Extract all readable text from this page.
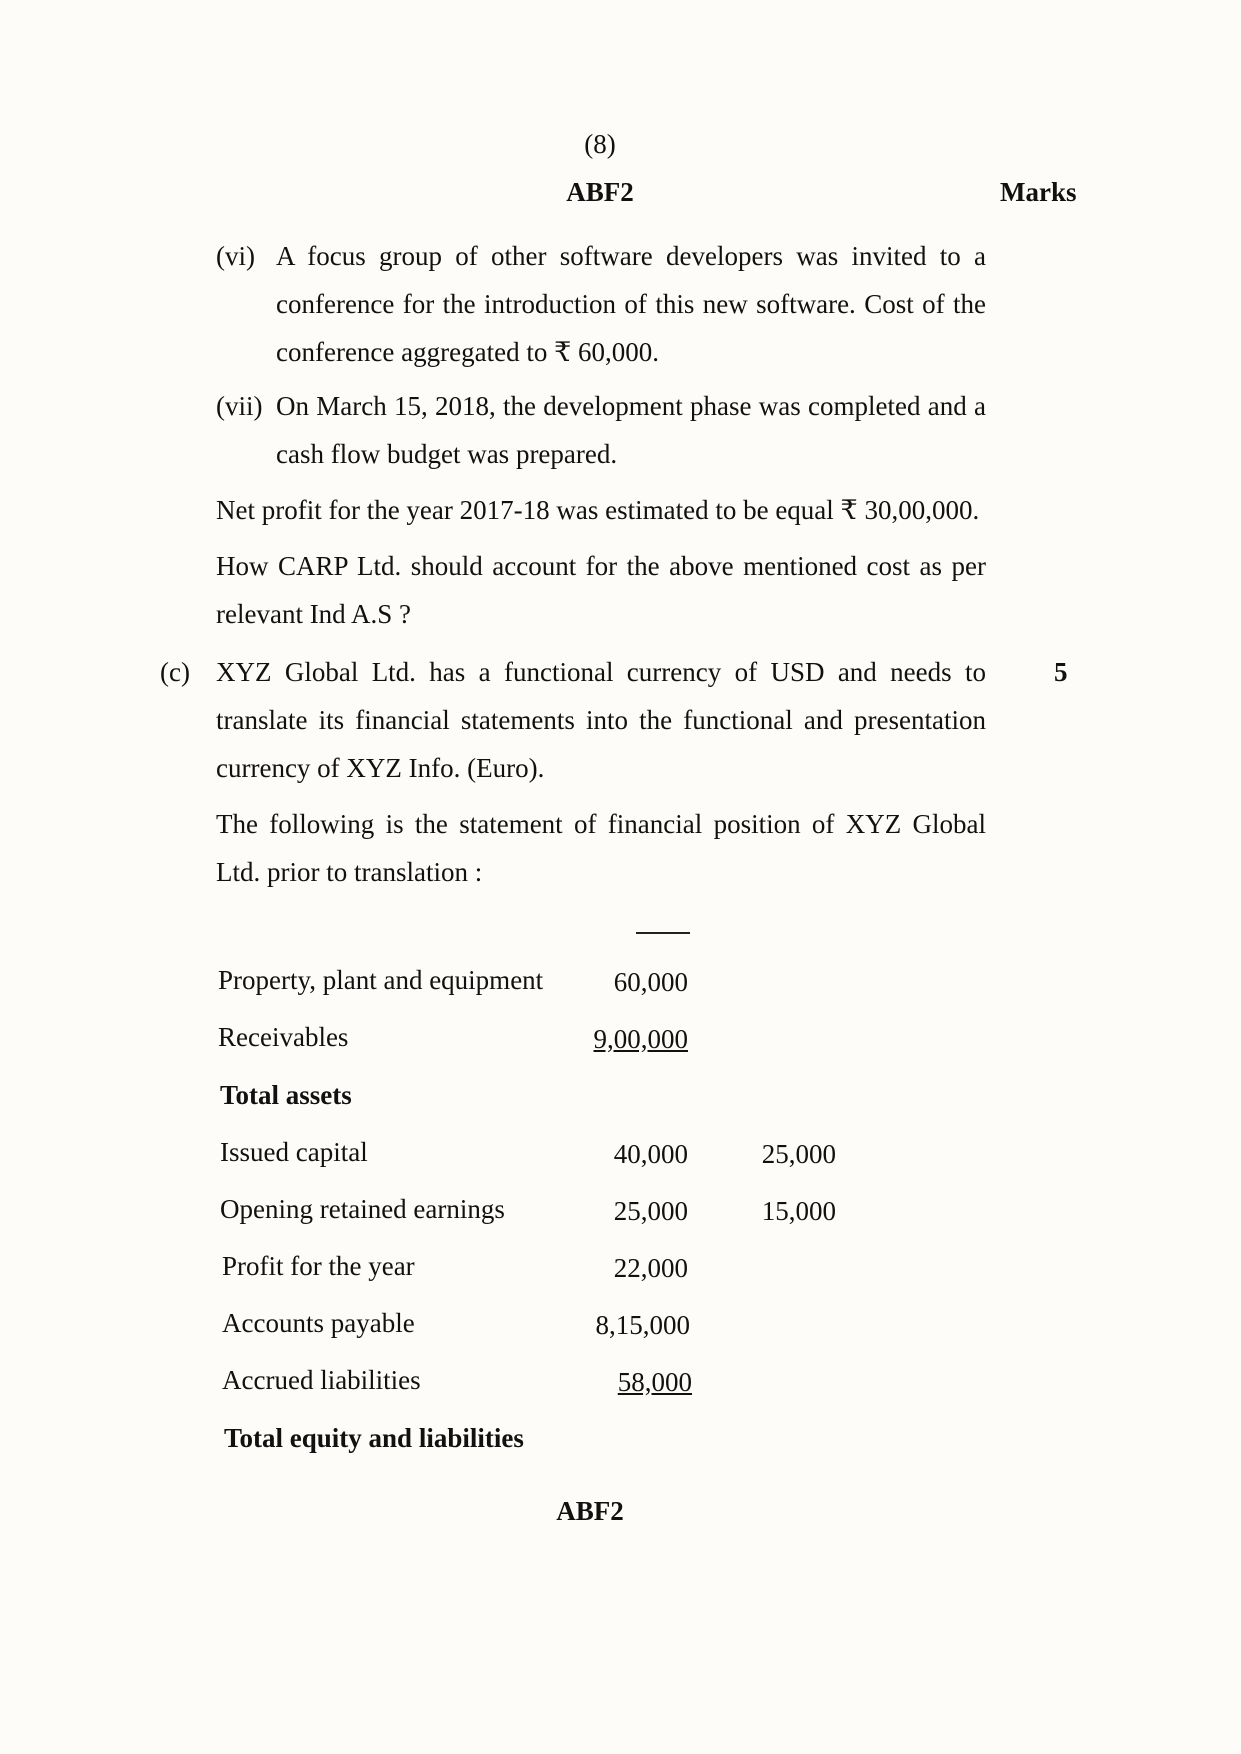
(8)
ABF2	Marks
(vi) A focus group of other software developers was invited to a conference for the introduction of this new software. Cost of the conference aggregated to ₹ 60,000.
(vii) On March 15, 2018, the development phase was completed and a cash flow budget was prepared.
Net profit for the year 2017-18 was estimated to be equal ₹ 30,00,000.
How CARP Ltd. should account for the above mentioned cost as per relevant Ind A.S ?
(c) XYZ Global Ltd. has a functional currency of USD and needs to translate its financial statements into the functional and presentation currency of XYZ Info. (Euro).
5
The following is the statement of financial position of XYZ Global Ltd. prior to translation :
Property, plant and equipment	60,000
Receivables	9,00,000
Total assets
Issued capital	40,000	25,000
Opening retained earnings	25,000	15,000
Profit for the year	22,000
Accounts payable	8,15,000
Accrued liabilities	58,000
Total equity and liabilities
ABF2
